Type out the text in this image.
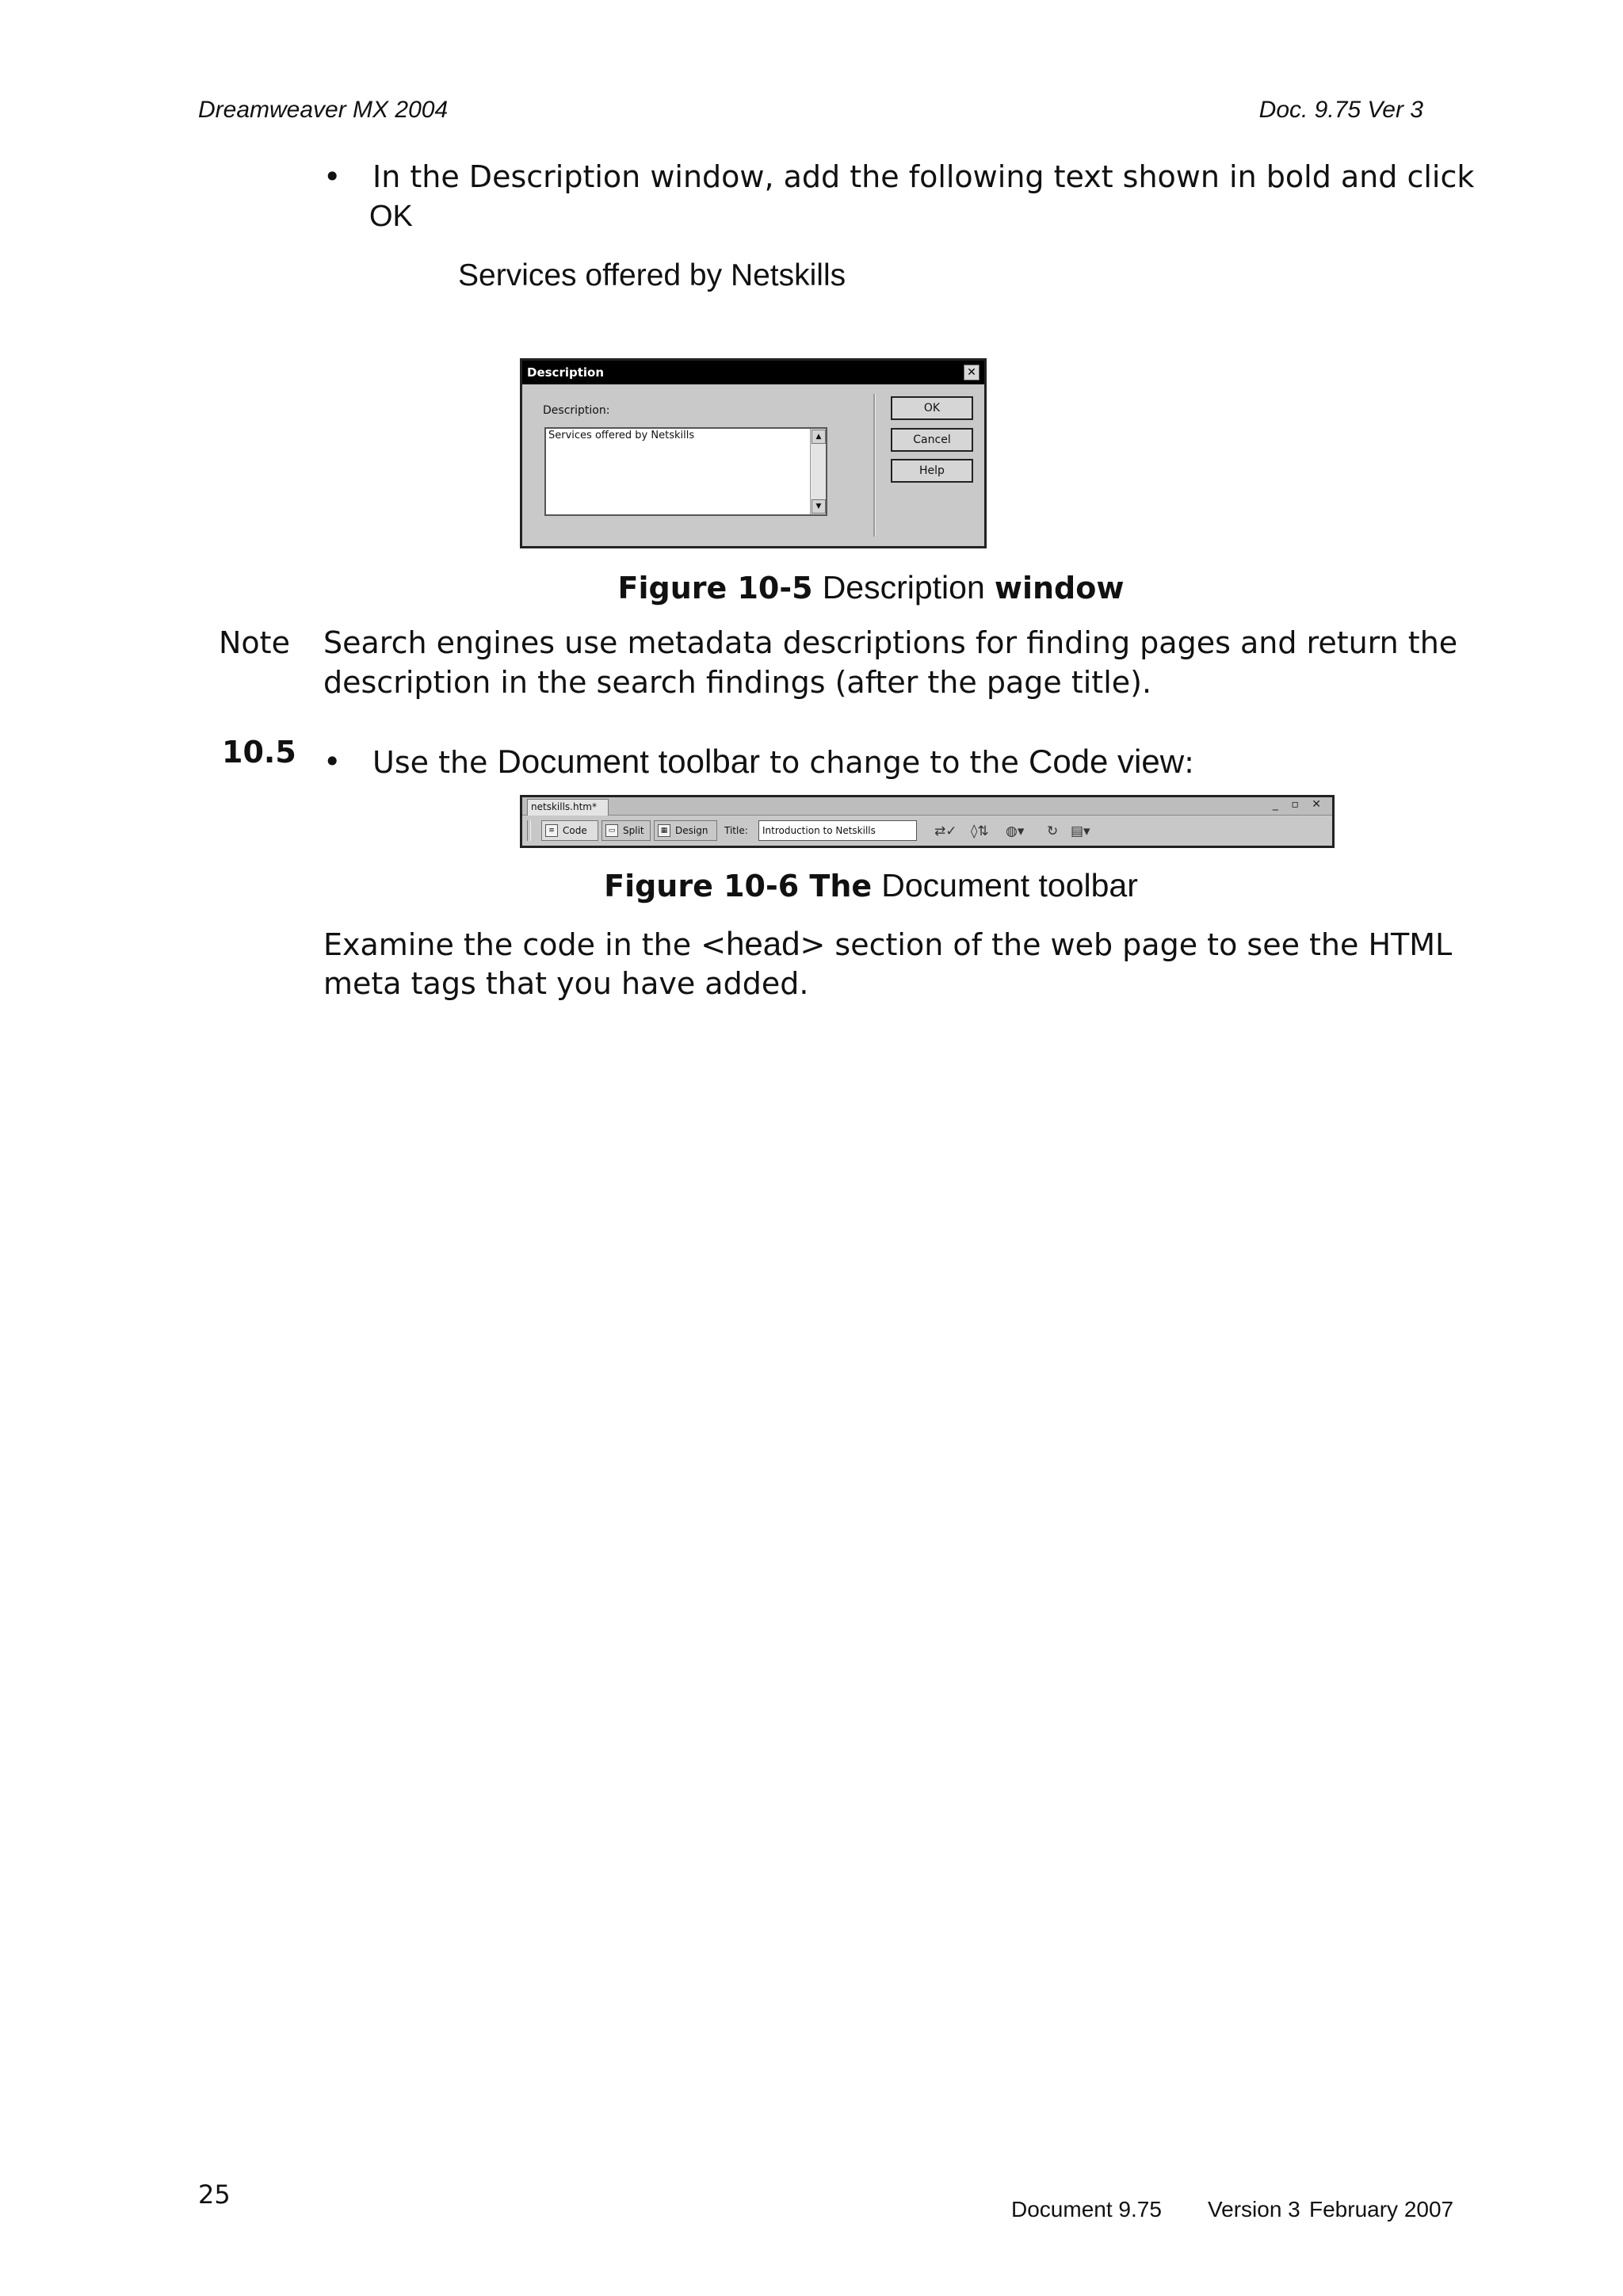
Dreamweaver MX 2004	Doc. 9.75 Ver 3
• In the Description window, add the following text shown in bold and click
OK
Services offered by Netskills
Description	✕
Description:
Services offered by Netskills	▲
▼
OK
Cancel
Help
Figure 10-5 Description window
Note Search engines use metadata descriptions for finding pages and return the
description in the search findings (after the page title).
10.5 • Use the Document toolbar to change to the Code view:
netskills.htm*	_ ▫ ✕
≡ Code	▭ Split	▦ Design	Title:	Introduction to Netskills	⇄✓ ◊⇅ ◍▾ ↻ ▤▾
Figure 10-6 The Document toolbar
Examine the code in the <head> section of the web page to see the HTML
meta tags that you have added.
25	Document 9.75 Version 3 February 2007
